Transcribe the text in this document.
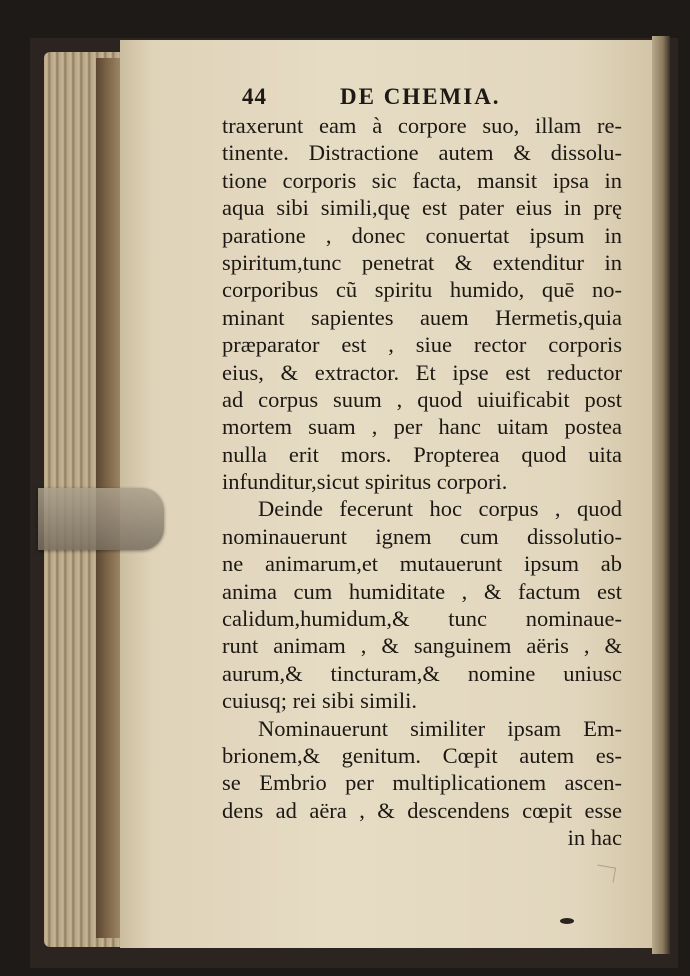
44	DE CHEMIA.
traxerunt eam à corpore suo, illam re-
tinente. Distractione autem & dissolu-
tione corporis sic facta, mansit ipsa in
aqua sibi simili,quę est pater eius in prę
paratione , donec conuertat ipsum in
spiritum,tunc penetrat & extenditur in
corporibus cũ spiritu humido, quē no-
minant sapientes auem Hermetis,quia
præparator est , siue rector corporis
eius, & extractor. Et ipse est reductor
ad corpus suum , quod uiuificabit post
mortem suam , per hanc uitam postea
nulla erit mors. Propterea quod uita
infunditur,sicut spiritus corpori.
Deinde fecerunt hoc corpus , quod
nominauerunt ignem cum dissolutio-
ne animarum,et mutauerunt ipsum ab
anima cum humiditate , & factum est
calidum,humidum,& tunc nominaue-
runt animam , & sanguinem aëris , &
aurum,& tincturam,& nomine uniusc
cuiusq; rei sibi simili.
Nominauerunt similiter ipsam Em-
brionem,& genitum. Cœpit autem es-
se Embrio per multiplicationem ascen-
dens ad aëra , & descendens cœpit esse
in hac
